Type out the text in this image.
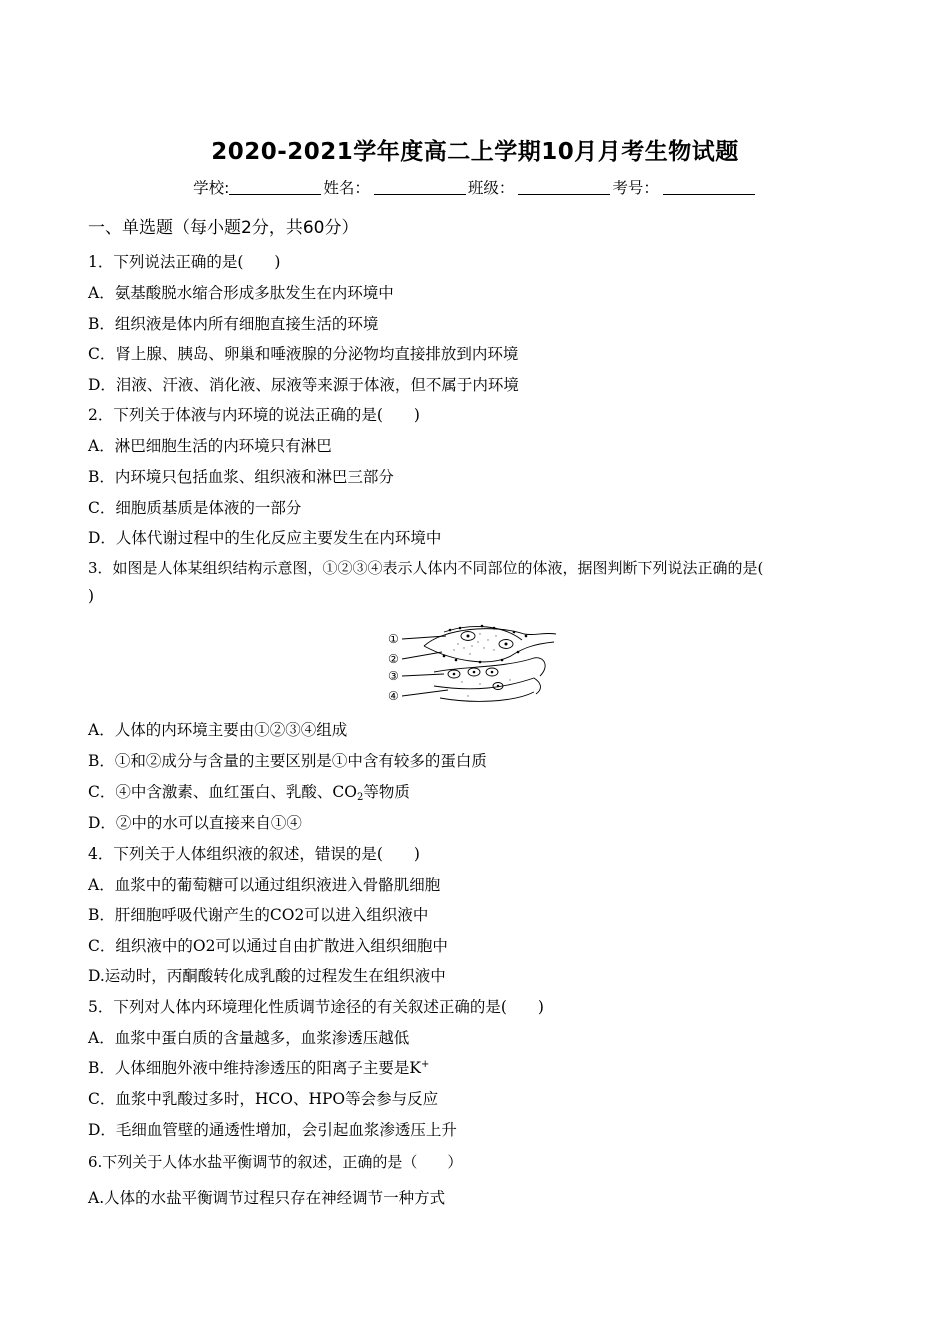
2020-2021学年度高二上学期10月月考生物试题
学校:	姓名：	班级：	考号：
一、单选题（每小题2分，共60分）
1．下列说法正确的是(　　)
A．氨基酸脱水缩合形成多肽发生在内环境中
B．组织液是体内所有细胞直接生活的环境
C．肾上腺、胰岛、卵巢和唾液腺的分泌物均直接排放到内环境
D．泪液、汗液、消化液、尿液等来源于体液，但不属于内环境
2．下列关于体液与内环境的说法正确的是(　　)
A．淋巴细胞生活的内环境只有淋巴
B．内环境只包括血浆、组织液和淋巴三部分
C．细胞质基质是体液的一部分
D．人体代谢过程中的生化反应主要发生在内环境中
3．如图是人体某组织结构示意图，①②③④表示人体内不同部位的体液，据图判断下列说法正确的是(
)
①
②
③
④
A．人体的内环境主要由①②③④组成
B．①和②成分与含量的主要区别是①中含有较多的蛋白质
C．④中含激素、血红蛋白、乳酸、$CO_2$等物质
D．②中的水可以直接来自①④
4．下列关于人体组织液的叙述，错误的是(　　)
A．血浆中的葡萄糖可以通过组织液进入骨骼肌细胞
B．肝细胞呼吸代谢产生的CO2可以进入组织液中
C．组织液中的O2可以通过自由扩散进入组织细胞中
D.运动时，丙酮酸转化成乳酸的过程发生在组织液中
5．下列对人体内环境理化性质调节途径的有关叙述正确的是(　　)
A．血浆中蛋白质的含量越多，血浆渗透压越低
B．人体细胞外液中维持渗透压的阳离子主要是K+
C．血浆中乳酸过多时，HCO、HPO等会参与反应
D．毛细血管壁的通透性增加，会引起血浆渗透压上升
6.下列关于人体水盐平衡调节的叙述，正确的是（　　）
A.人体的水盐平衡调节过程只存在神经调节一种方式
